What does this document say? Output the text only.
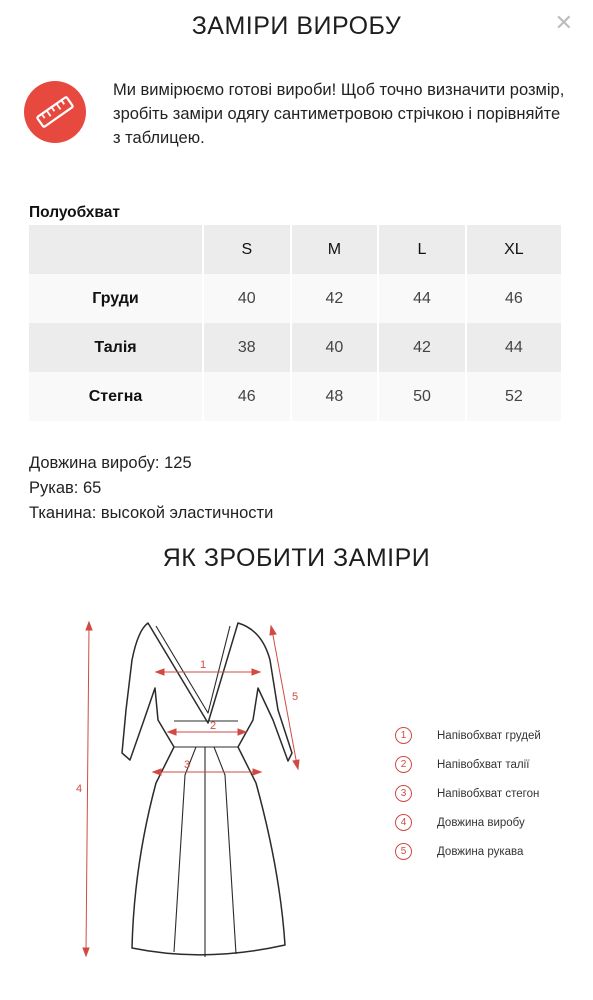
ЗАМІРИ ВИРОБУ	✕
Ми вимірюємо готові вироби! Щоб точно визначити розмір, зробіть заміри одягу сантиметровою стрічкою і порівняйте з таблицею.
Полуобхват
	S	M	L	XL
Груди	40	42	44	46
Талія	38	40	42	44
Стегна	46	48	50	52
Довжина виробу: 125
Рукав: 65
Тканина: высокой эластичности
ЯК ЗРОБИТИ ЗАМІРИ
1
2
3
4
5
1	Напівобхват грудей
2	Напівобхват талії
3	Напівобхват стегон
4	Довжина виробу
5	Довжина рукава
